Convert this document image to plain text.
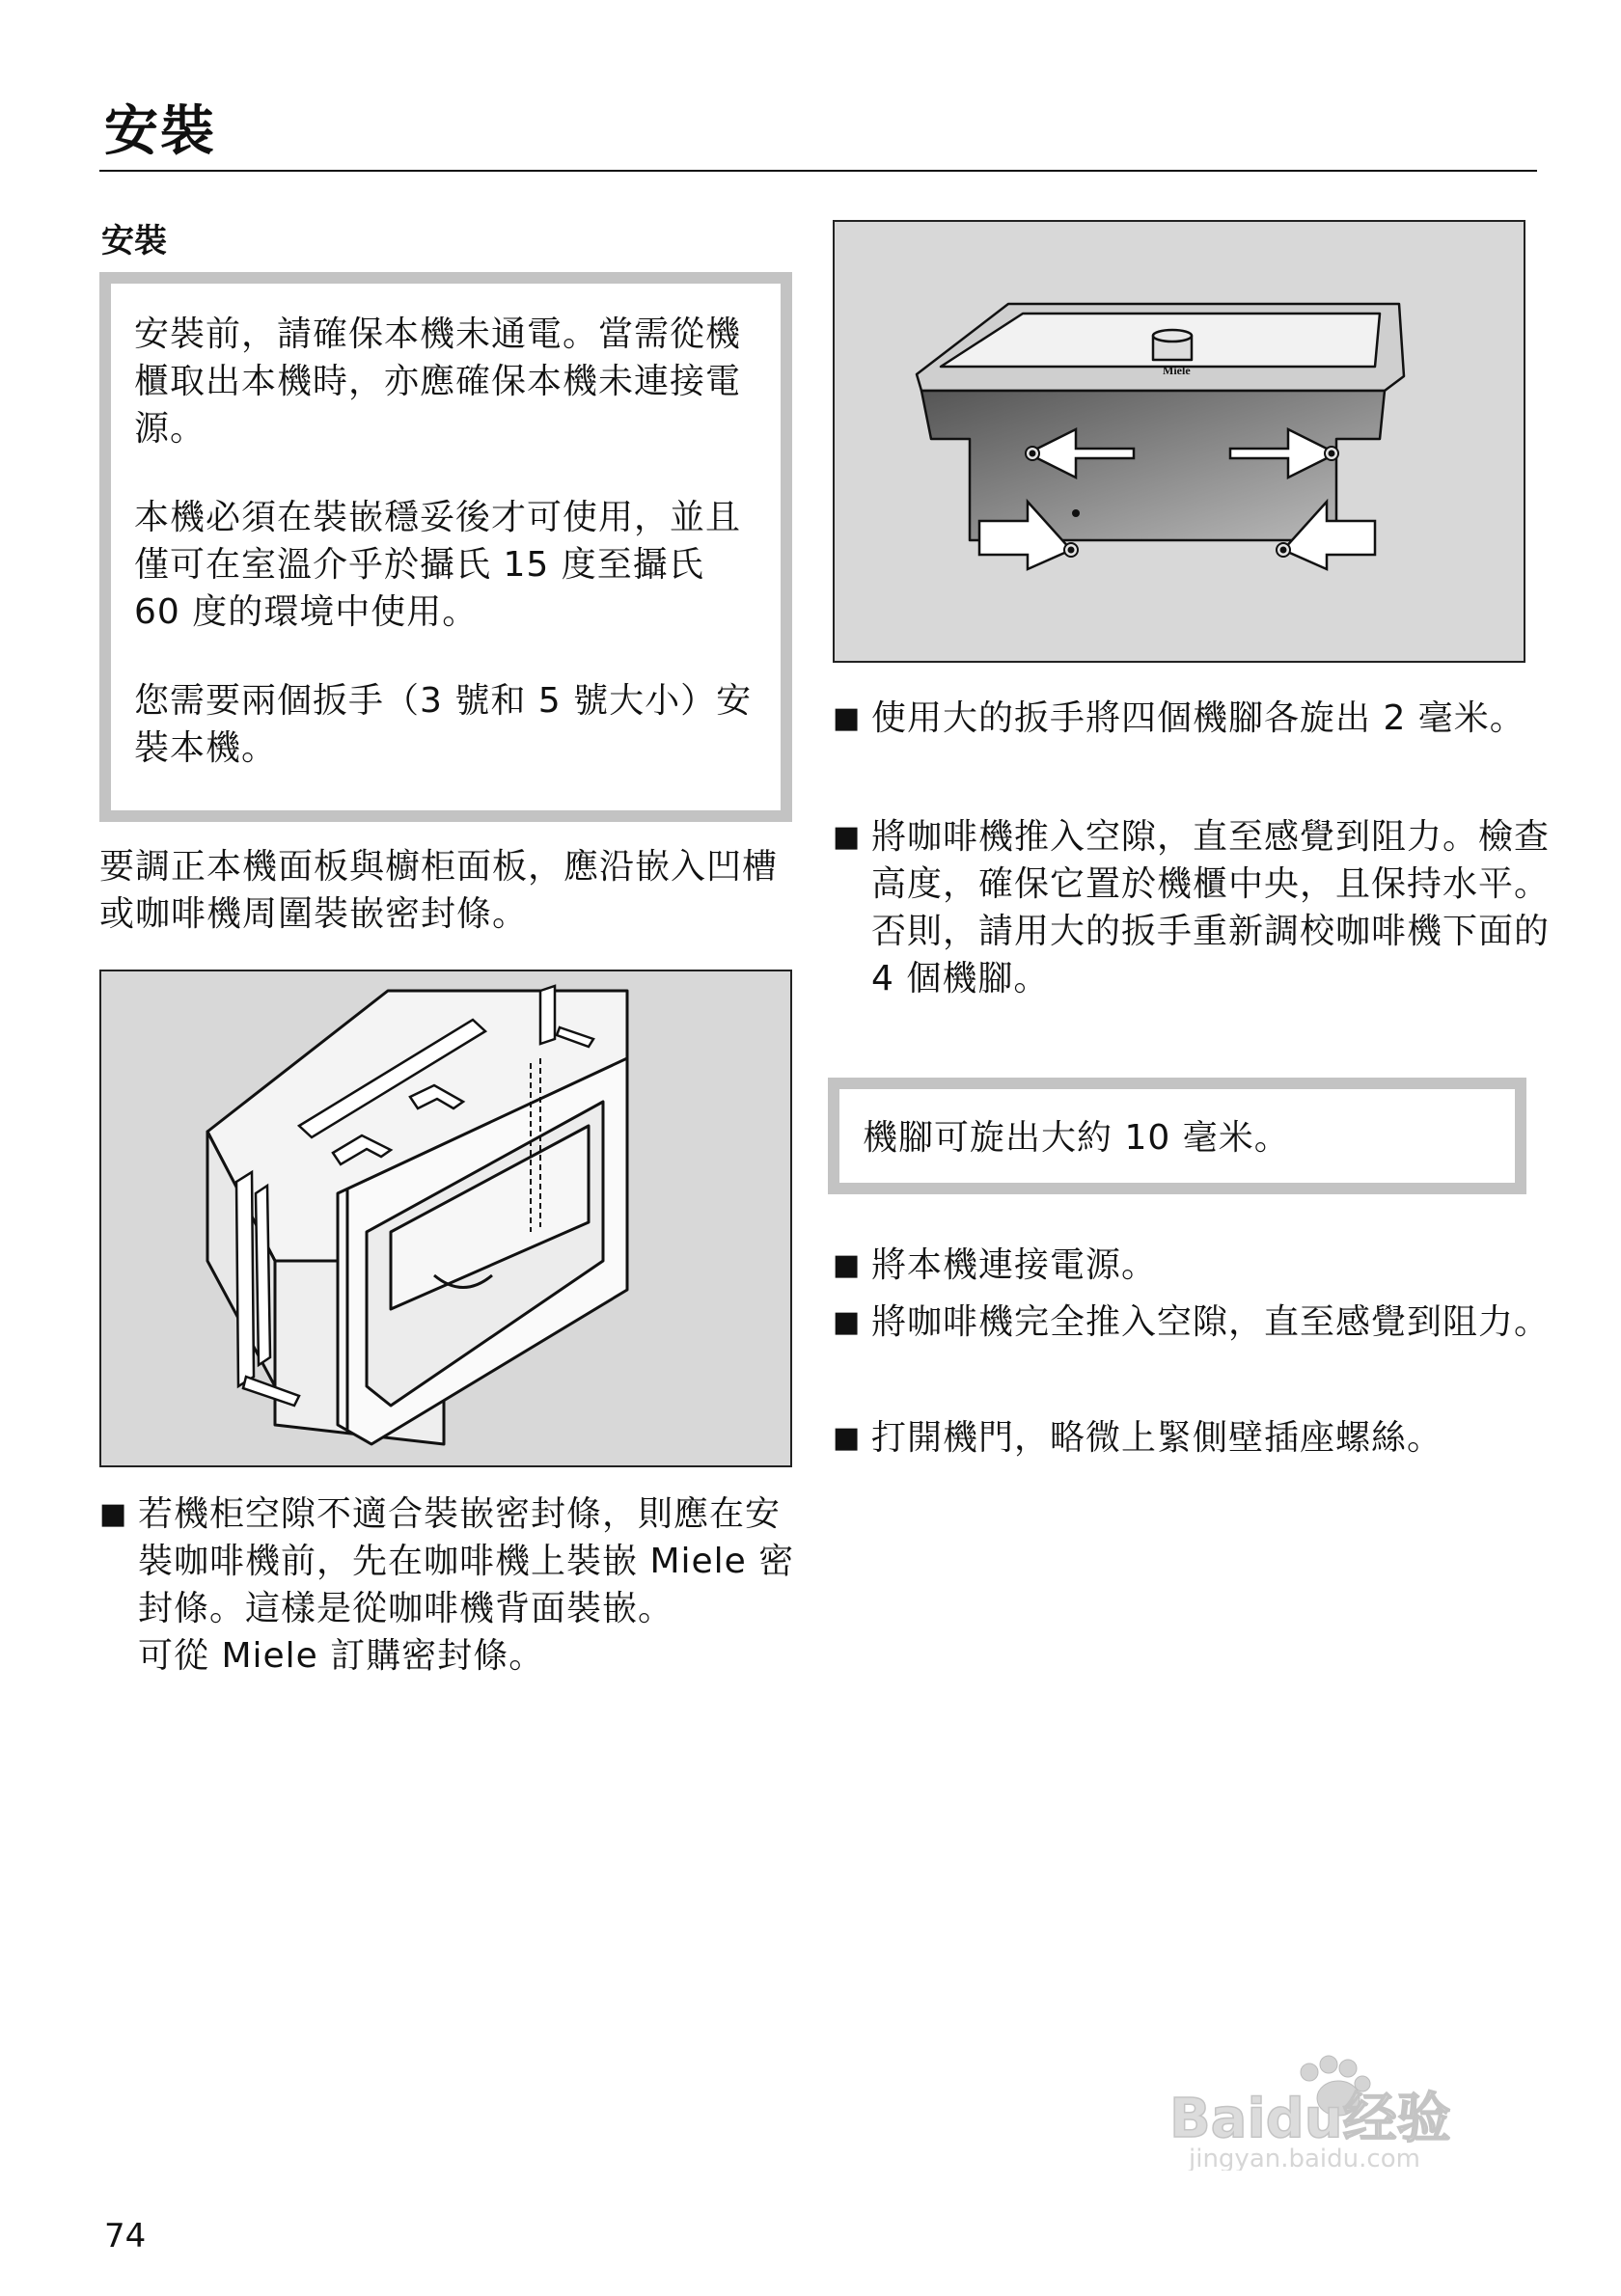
安裝
安裝

安裝前，請確保本機未通電。當需從機櫃取出本機時，亦應確保本機未連接電源。

本機必須在裝嵌穩妥後才可使用，並且僅可在室溫介乎於攝氏 15 度至攝氏 60 度的環境中使用。

您需要兩個扳手（3 號和 5 號大小）安裝本機。

要調正本機面板與櫥柜面板，應沿嵌入凹槽或咖啡機周圍裝嵌密封條。
■ 若機柜空隙不適合裝嵌密封條，則應在安裝咖啡機前，先在咖啡機上裝嵌 Miele 密封條。這樣是從咖啡機背面裝嵌。
可從 Miele 訂購密封條。
Miele
■ 使用大的扳手將四個機腳各旋出 2 毫米。
■ 將咖啡機推入空隙，直至感覺到阻力。檢查高度，確保它置於機櫃中央，且保持水平。
否則，請用大的扳手重新調校咖啡機下面的 4 個機腳。

機腳可旋出大約 10 毫米。

■ 將本機連接電源。
■ 將咖啡機完全推入空隙，直至感覺到阻力。
■ 打開機門，略微上緊側壁插座螺絲。
74
Baidu经验
jingyan.baidu.com
